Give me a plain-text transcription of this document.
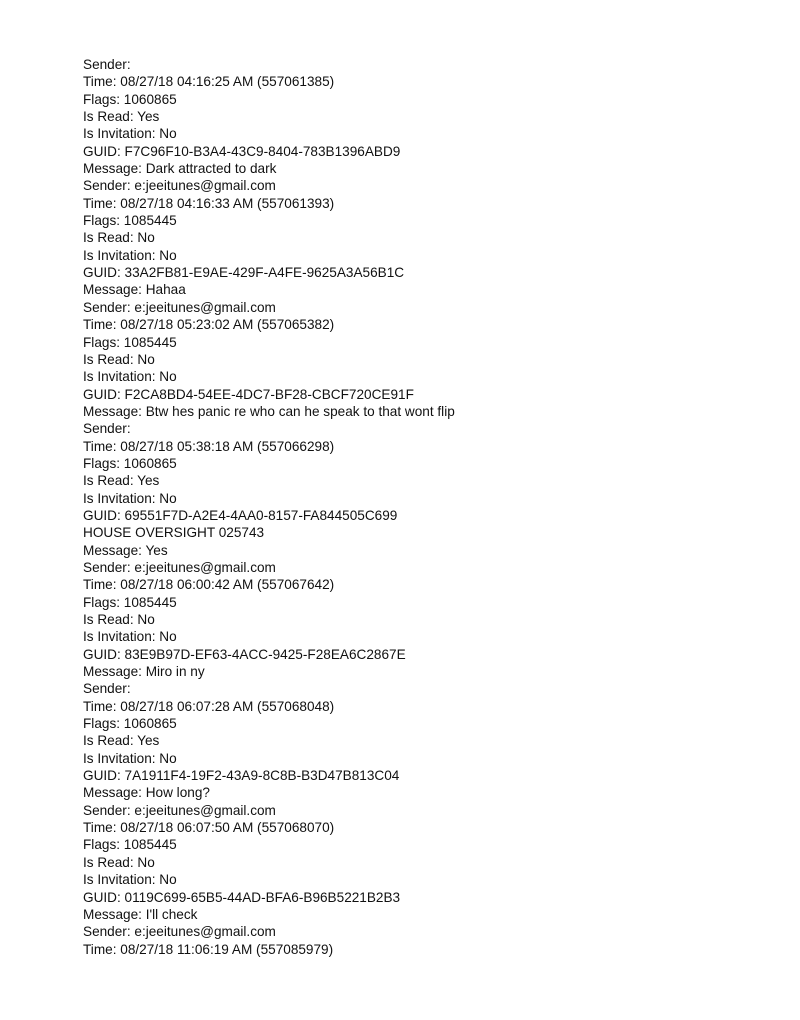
Sender:
Time: 08/27/18 04:16:25 AM (557061385)
Flags: 1060865
Is Read: Yes
Is Invitation: No
GUID: F7C96F10-B3A4-43C9-8404-783B1396ABD9
Message: Dark attracted to dark
Sender: e:jeeitunes@gmail.com
Time: 08/27/18 04:16:33 AM (557061393)
Flags: 1085445
Is Read: No
Is Invitation: No
GUID: 33A2FB81-E9AE-429F-A4FE-9625A3A56B1C
Message: Hahaa
Sender: e:jeeitunes@gmail.com
Time: 08/27/18 05:23:02 AM (557065382)
Flags: 1085445
Is Read: No
Is Invitation: No
GUID: F2CA8BD4-54EE-4DC7-BF28-CBCF720CE91F
Message: Btw hes panic re who can he speak to that wont flip
Sender:
Time: 08/27/18 05:38:18 AM (557066298)
Flags: 1060865
Is Read: Yes
Is Invitation: No
GUID: 69551F7D-A2E4-4AA0-8157-FA844505C699
HOUSE OVERSIGHT 025743
Message: Yes
Sender: e:jeeitunes@gmail.com
Time: 08/27/18 06:00:42 AM (557067642)
Flags: 1085445
Is Read: No
Is Invitation: No
GUID: 83E9B97D-EF63-4ACC-9425-F28EA6C2867E
Message: Miro in ny
Sender:
Time: 08/27/18 06:07:28 AM (557068048)
Flags: 1060865
Is Read: Yes
Is Invitation: No
GUID: 7A1911F4-19F2-43A9-8C8B-B3D47B813C04
Message: How long?
Sender: e:jeeitunes@gmail.com
Time: 08/27/18 06:07:50 AM (557068070)
Flags: 1085445
Is Read: No
Is Invitation: No
GUID: 0119C699-65B5-44AD-BFA6-B96B5221B2B3
Message: I'll check
Sender: e:jeeitunes@gmail.com
Time: 08/27/18 11:06:19 AM (557085979)
